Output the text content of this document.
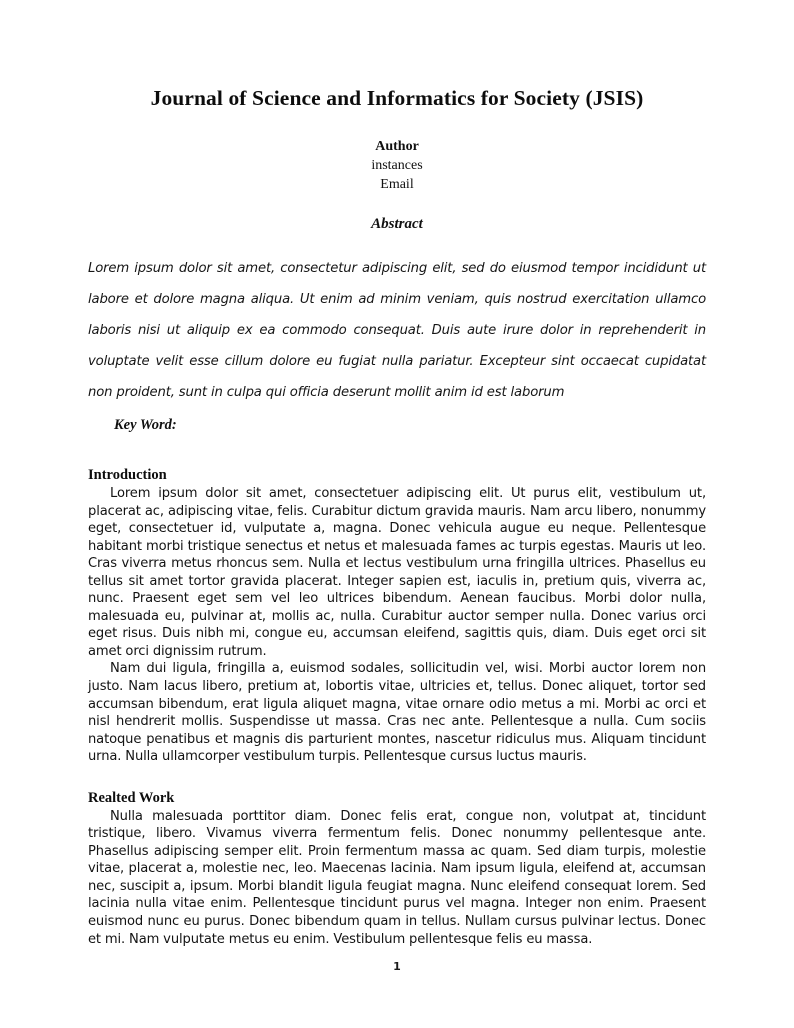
Journal of Science and Informatics for Society (JSIS)
Author
instances
Email
Abstract

Lorem ipsum dolor sit amet, consectetur adipiscing elit, sed do eiusmod tempor incididunt ut labore et dolore magna aliqua. Ut enim ad minim veniam, quis nostrud exercitation ullamco laboris nisi ut aliquip ex ea commodo consequat. Duis aute irure dolor in reprehenderit in voluptate velit esse cillum dolore eu fugiat nulla pariatur. Excepteur sint occaecat cupidatat non proident, sunt in culpa qui officia deserunt mollit anim id est laborum

Key Word:

Introduction

Lorem ipsum dolor sit amet, consectetuer adipiscing elit. Ut purus elit, vestibulum ut, placerat ac, adipiscing vitae, felis. Curabitur dictum gravida mauris. Nam arcu libero, nonummy eget, consectetuer id, vulputate a, magna. Donec vehicula augue eu neque. Pellentesque habitant morbi tristique senectus et netus et malesuada fames ac turpis egestas. Mauris ut leo. Cras viverra metus rhoncus sem. Nulla et lectus vestibulum urna fringilla ultrices. Phasellus eu tellus sit amet tortor gravida placerat. Integer sapien est, iaculis in, pretium quis, viverra ac, nunc. Praesent eget sem vel leo ultrices bibendum. Aenean faucibus. Morbi dolor nulla, malesuada eu, pulvinar at, mollis ac, nulla. Curabitur auctor semper nulla. Donec varius orci eget risus. Duis nibh mi, congue eu, accumsan eleifend, sagittis quis, diam. Duis eget orci sit amet orci dignissim rutrum.

Nam dui ligula, fringilla a, euismod sodales, sollicitudin vel, wisi. Morbi auctor lorem non justo. Nam lacus libero, pretium at, lobortis vitae, ultricies et, tellus. Donec aliquet, tortor sed accumsan bibendum, erat ligula aliquet magna, vitae ornare odio metus a mi. Morbi ac orci et nisl hendrerit mollis. Suspendisse ut massa. Cras nec ante. Pellentesque a nulla. Cum sociis natoque penatibus et magnis dis parturient montes, nascetur ridiculus mus. Aliquam tincidunt urna. Nulla ullamcorper vestibulum turpis. Pellentesque cursus luctus mauris.

Realted Work

Nulla malesuada porttitor diam. Donec felis erat, congue non, volutpat at, tincidunt tristique, libero. Vivamus viverra fermentum felis. Donec nonummy pellentesque ante. Phasellus adipiscing semper elit. Proin fermentum massa ac quam. Sed diam turpis, molestie vitae, placerat a, molestie nec, leo. Maecenas lacinia. Nam ipsum ligula, eleifend at, accumsan nec, suscipit a, ipsum. Morbi blandit ligula feugiat magna. Nunc eleifend consequat lorem. Sed lacinia nulla vitae enim. Pellentesque tincidunt purus vel magna. Integer non enim. Praesent euismod nunc eu purus. Donec bibendum quam in tellus. Nullam cursus pulvinar lectus. Donec et mi. Nam vulputate metus eu enim. Vestibulum pellentesque felis eu massa.

1
